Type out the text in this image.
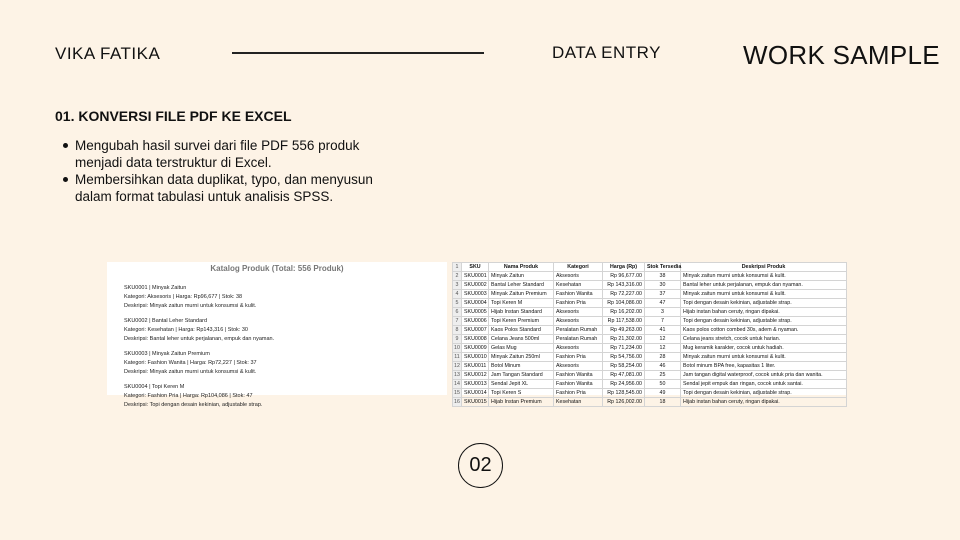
VIKA FATIKA	DATA ENTRY	WORK SAMPLE
01. KONVERSI FILE PDF KE EXCEL
Mengubah hasil survei dari file PDF 556 produk menjadi data terstruktur di Excel.
Membersihkan data duplikat, typo, dan menyusun dalam format tabulasi untuk analisis SPSS.
Katalog Produk (Total: 556 Produk)
SKU0001 | Minyak Zaitun
Kategori: Aksesoris | Harga: Rp96,677 | Stok: 38
Deskripsi: Minyak zaitun murni untuk konsumsi & kulit.
SKU0002 | Bantal Leher Standard
Kategori: Kesehatan | Harga: Rp143,316 | Stok: 30
Deskripsi: Bantal leher untuk perjalanan, empuk dan nyaman.
SKU0003 | Minyak Zaitun Premium
Kategori: Fashion Wanita | Harga: Rp72,227 | Stok: 37
Deskripsi: Minyak zaitun murni untuk konsumsi & kulit.
SKU0004 | Topi Keren M
Kategori: Fashion Pria | Harga: Rp104,086 | Stok: 47
Deskripsi: Topi dengan desain kekinian, adjustable strap.
1	SKU	Nama Produk	Kategori	Harga (Rp)	Stok Tersedia	Deskripsi Produk
2	SKU0001	Minyak Zaitun	Aksesoris	Rp 96,677.00	38	Minyak zaitun murni untuk konsumsi & kulit.
3	SKU0002	Bantal Leher Standard	Kesehatan	Rp 143,316.00	30	Bantal leher untuk perjalanan, empuk dan nyaman.
4	SKU0003	Minyak Zaitun Premium	Fashion Wanita	Rp 72,227.00	37	Minyak zaitun murni untuk konsumsi & kulit.
5	SKU0004	Topi Keren M	Fashion Pria	Rp 104,086.00	47	Topi dengan desain kekinian, adjustable strap.
6	SKU0005	Hijab Instan Standard	Aksesoris	Rp 16,202.00	3	Hijab instan bahan ceruty, ringan dipakai.
7	SKU0006	Topi Keren Premium	Aksesoris	Rp 117,538.00	7	Topi dengan desain kekinian, adjustable strap.
8	SKU0007	Kaos Polos Standard	Peralatan Rumah	Rp 49,263.00	41	Kaos polos cotton combed 30s, adem & nyaman.
9	SKU0008	Celana Jeans 500ml	Peralatan Rumah	Rp 21,302.00	12	Celana jeans stretch, cocok untuk harian.
10	SKU0009	Gelas Mug	Aksesoris	Rp 71,234.00	12	Mug keramik karakter, cocok untuk hadiah.
11	SKU0010	Minyak Zaitun 250ml	Fashion Pria	Rp 54,756.00	28	Minyak zaitun murni untuk konsumsi & kulit.
12	SKU0011	Botol Minum	Aksesoris	Rp 58,254.00	46	Botol minum BPA free, kapasitas 1 liter.
13	SKU0012	Jam Tangan Standard	Fashion Wanita	Rp 47,081.00	25	Jam tangan digital waterproof, cocok untuk pria dan wanita.
14	SKU0013	Sendal Jepit XL	Fashion Wanita	Rp 24,956.00	50	Sendal jepit empuk dan ringan, cocok untuk santai.
15	SKU0014	Topi Keren S	Fashion Pria	Rp 128,545.00	49	Topi dengan desain kekinian, adjustable strap.
16	SKU0015	Hijab Instan Premium	Kesehatan	Rp 126,002.00	18	Hijab instan bahan ceruty, ringan dipakai.
02
